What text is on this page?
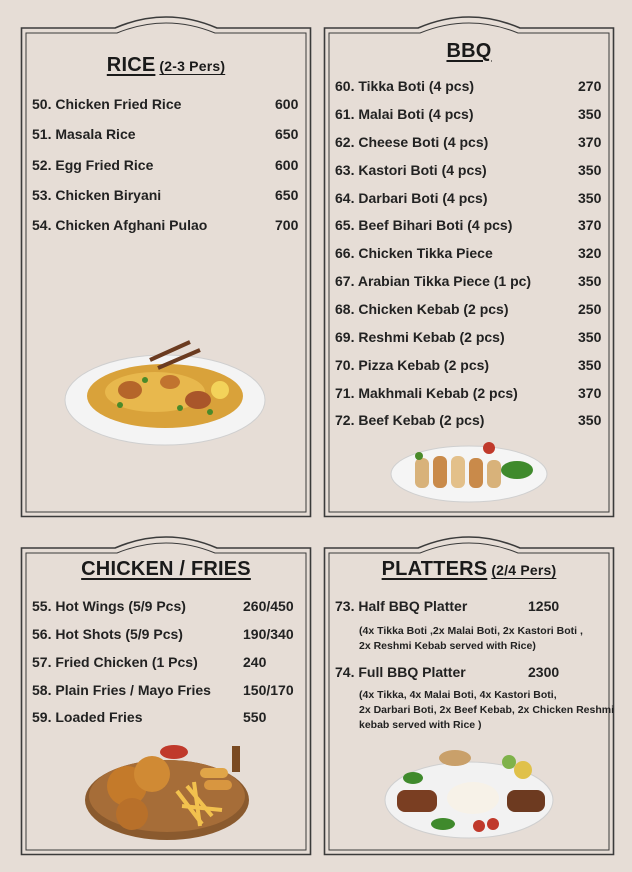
RICE (2-3 Pers)
50. Chicken Fried Rice	600
51. Masala Rice	650
52. Egg Fried Rice	600
53. Chicken Biryani	650
54. Chicken Afghani Pulao	700
BBQ
60. Tikka Boti (4 pcs)	270
61. Malai Boti (4 pcs)	350
62. Cheese Boti (4 pcs)	370
63. Kastori Boti (4 pcs)	350
64. Darbari Boti (4 pcs)	350
65. Beef Bihari Boti (4 pcs)	370
66. Chicken Tikka Piece	320
67. Arabian Tikka Piece (1 pc)	350
68. Chicken Kebab (2 pcs)	250
69. Reshmi Kebab (2 pcs)	350
70. Pizza Kebab (2 pcs)	350
71. Makhmali Kebab (2 pcs)	370
72. Beef Kebab (2 pcs)	350
CHICKEN / FRIES
55. Hot Wings (5/9 Pcs)	260/450
56. Hot Shots (5/9 Pcs)	190/340
57. Fried Chicken (1 Pcs)	240
58. Plain Fries / Mayo Fries 150/170
59. Loaded Fries	550
PLATTERS (2/4 Pers)
73. Half BBQ Platter	1250
(4x Tikka Boti ,2x Malai Boti, 2x Kastori Boti ,
2x Reshmi Kebab served with Rice)
74. Full BBQ Platter	2300
(4x Tikka, 4x Malai Boti, 4x Kastori Boti,
2x Darbari Boti, 2x Beef Kebab, 2x Chicken Reshmi
kebab served with Rice )
